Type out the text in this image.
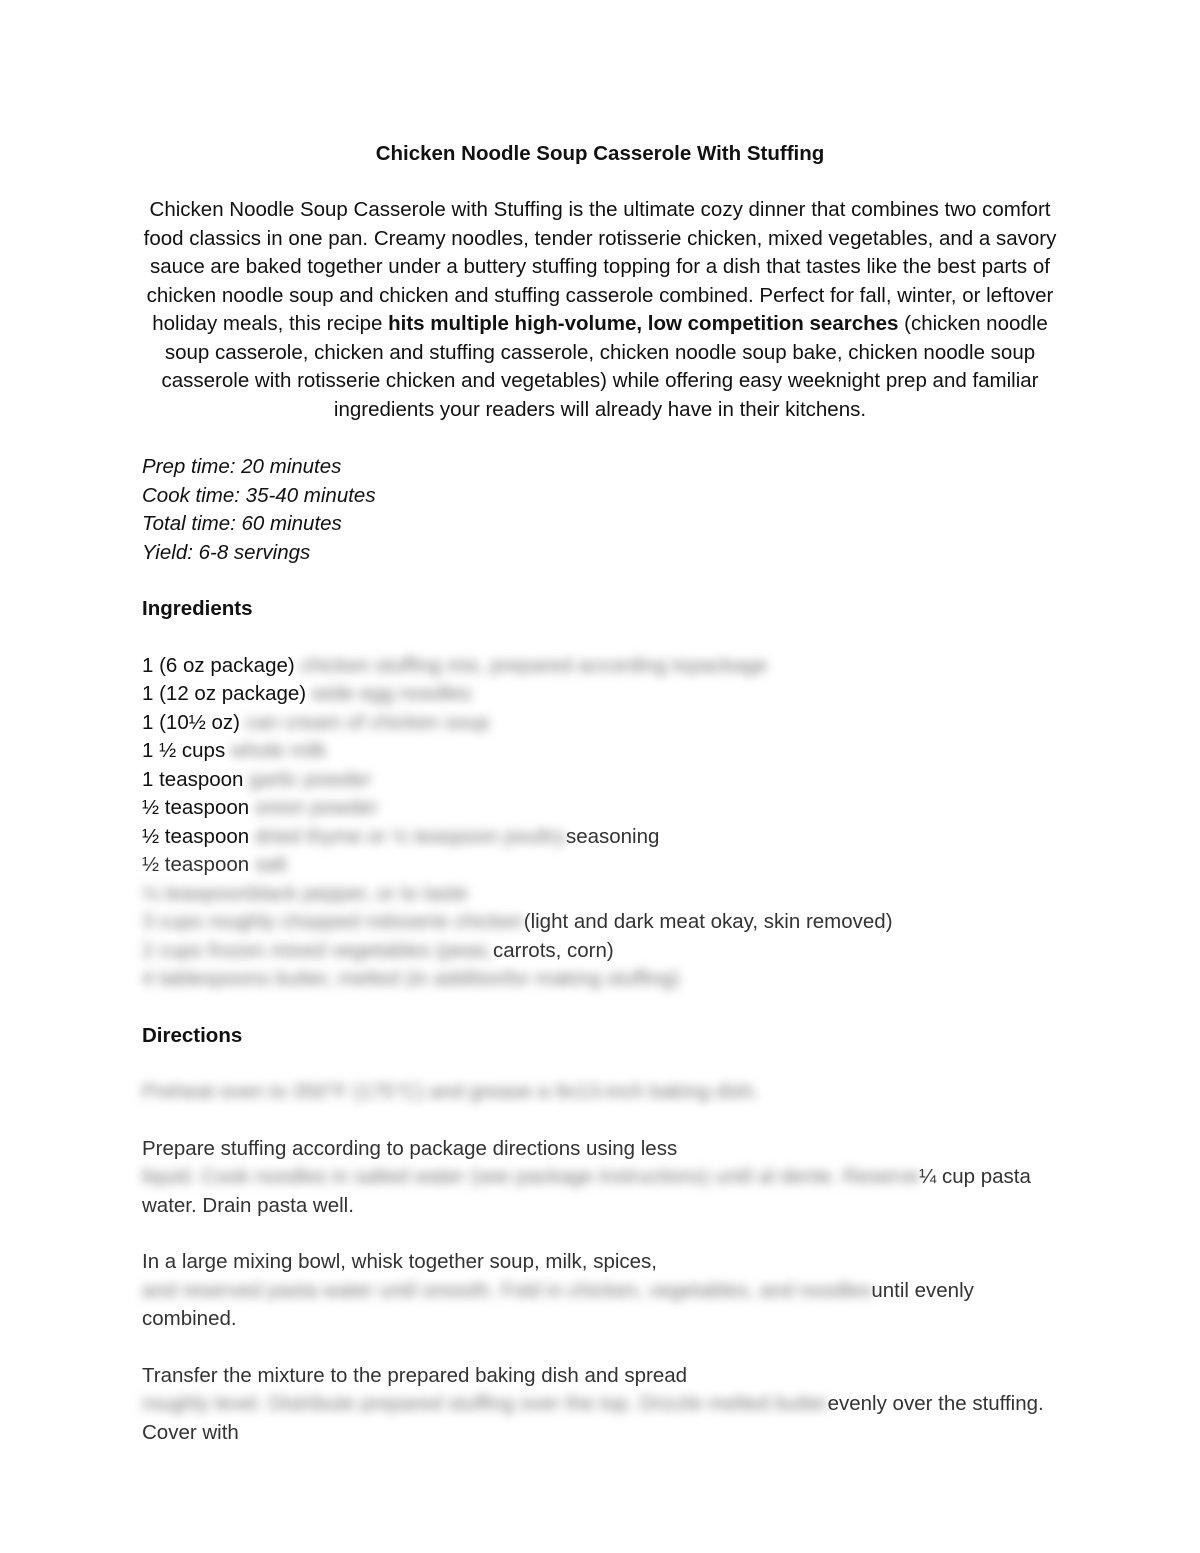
Chicken Noodle Soup Casserole With Stuffing
Chicken Noodle Soup Casserole with Stuffing is the ultimate cozy dinner that combines two comfort food classics in one pan. Creamy noodles, tender rotisserie chicken, mixed vegetables, and a savory sauce are baked together under a buttery stuffing topping for a dish that tastes like the best parts of chicken noodle soup and chicken and stuffing casserole combined. Perfect for fall, winter, or leftover holiday meals, this recipe hits multiple high-volume, low competition searches (chicken noodle soup casserole, chicken and stuffing casserole, chicken noodle soup bake, chicken noodle soup casserole with rotisserie chicken and vegetables) while offering easy weeknight prep and familiar ingredients your readers will already have in their kitchens.
Prep time: 20 minutes
Cook time: 35-40 minutes
Total time: 60 minutes
Yield: 6-8 servings
Ingredients
1 (6 oz package) chicken stuffing mix, prepared according topackage
1 (12 oz package) wide egg noodles
1 (10½ oz) can cream of chicken soup
1 ½ cups whole milk
1 teaspoon garlic powder
½ teaspoon onion powder
½ teaspoon dried thyme or ½ teaspoon poultryseasoning
½ teaspoon salt
⅛ teaspoonblack pepper, or to taste
3 cups roughly chopped rotisserie chicken(light and dark meat okay, skin removed)
2 cups frozen mixed vegetables (peas,carrots, corn)
4 tablespoons butter, melted (in additionfor making stuffing)
Directions
Preheat oven to 350°F (175°C) and grease a 9x13-inch baking dish.
Prepare stuffing according to package directions using less liquid. Cook noodles in salted water (see package instructions) until al dente. Reserve¼ cup pasta water. Drain pasta well.
In a large mixing bowl, whisk together soup, milk, spices, and reserved pasta water until smooth. Fold in chicken, vegetables, and noodlesuntil evenly combined.
Transfer the mixture to the prepared baking dish and spread roughly level. Distribute prepared stuffing over the top. Drizzle melted butterevenly over the stuffing. Cover with
